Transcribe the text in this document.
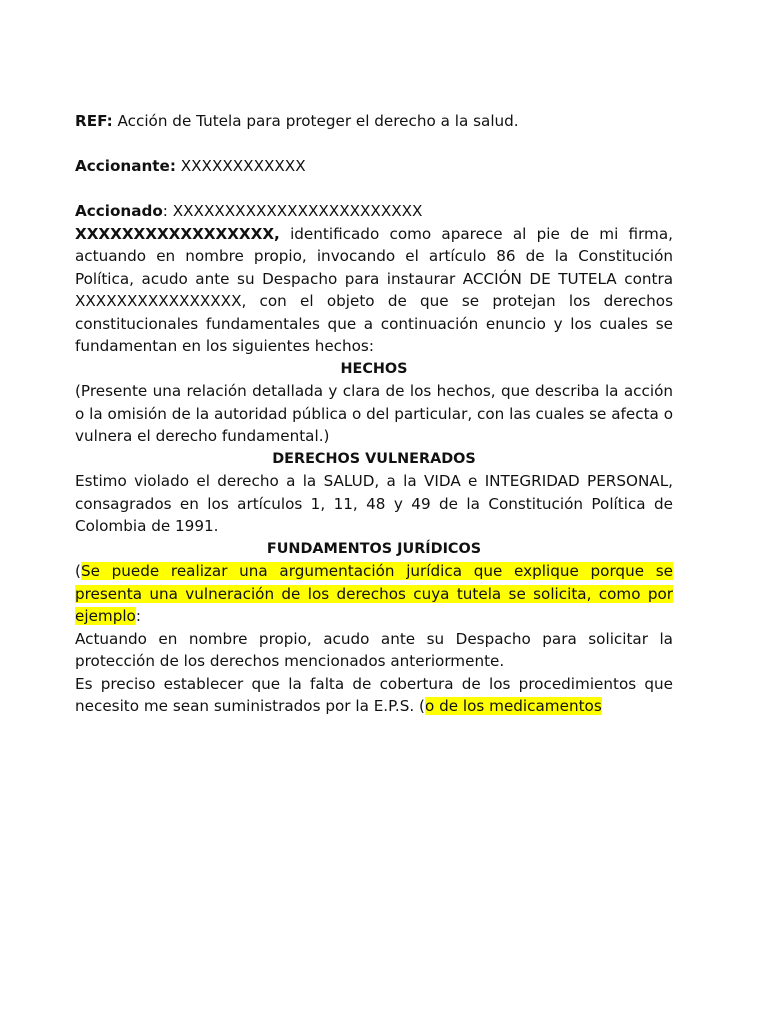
REF: Acción de Tutela para proteger el derecho a la salud.

Accionante: XXXXXXXXXXXX

Accionado: XXXXXXXXXXXXXXXXXXXXXXXX

XXXXXXXXXXXXXXXXX, identificado como aparece al pie de mi firma, actuando en nombre propio, invocando el artículo 86 de la Constitución Política, acudo ante su Despacho para instaurar ACCIÓN DE TUTELA contra XXXXXXXXXXXXXXXX, con el objeto de que se protejan los derechos constitucionales fundamentales que a continuación enuncio y los cuales se fundamentan en los siguientes hechos:

HECHOS

(Presente una relación detallada y clara de los hechos, que describa la acción o la omisión de la autoridad pública o del particular, con las cuales se afecta o vulnera el derecho fundamental.)

DERECHOS VULNERADOS

Estimo violado el derecho a la SALUD, a la VIDA e INTEGRIDAD PERSONAL, consagrados en los artículos 1, 11, 48 y 49 de la Constitución Política de Colombia de 1991.

FUNDAMENTOS JURÍDICOS

(Se puede realizar una argumentación jurídica que explique porque se presenta una vulneración de los derechos cuya tutela se solicita, como por ejemplo:

Actuando en nombre propio, acudo ante su Despacho para solicitar la protección de los derechos mencionados anteriormente.

Es preciso establecer que la falta de cobertura de los procedimientos que necesito me sean suministrados por la E.P.S. (o de los medicamentos
